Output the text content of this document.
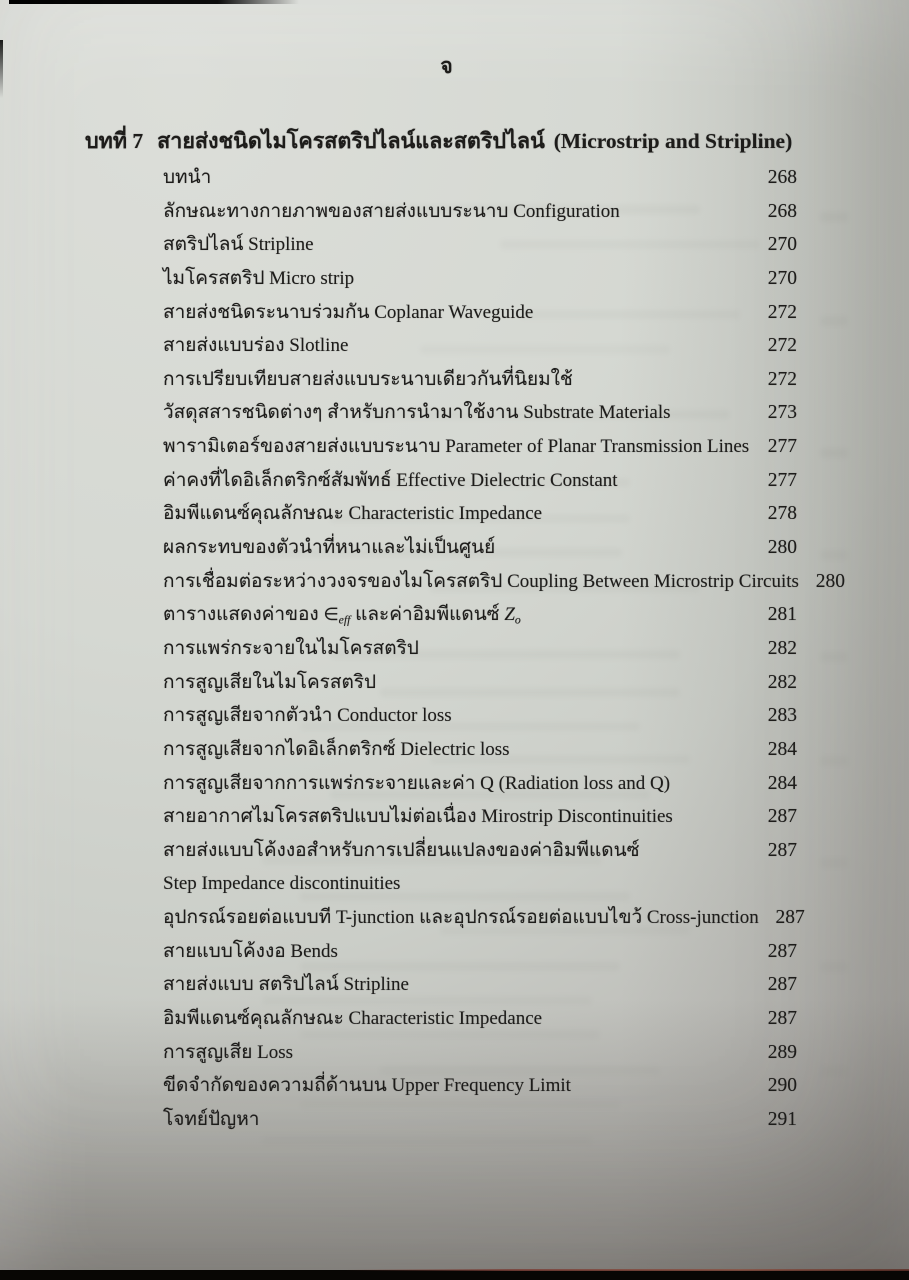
จ
บทที่ 7 สายส่งชนิดไมโครสตริปไลน์และสตริปไลน์ (Microstrip and Stripline)
บทนำ	268
ลักษณะทางกายภาพของสายส่งแบบระนาบ Configuration	268
สตริปไลน์ Stripline	270
ไมโครสตริป Micro strip	270
สายส่งชนิดระนาบร่วมกัน Coplanar Waveguide	272
สายส่งแบบร่อง Slotline	272
การเปรียบเทียบสายส่งแบบระนาบเดียวกันที่นิยมใช้	272
วัสดุสสารชนิดต่างๆ สำหรับการนำมาใช้งาน Substrate Materials	273
พารามิเตอร์ของสายส่งแบบระนาบ Parameter of Planar Transmission Lines 277
ค่าคงที่ไดอิเล็กตริกซ์สัมพัทธ์ Effective Dielectric Constant	277
อิมพีแดนซ์คุณลักษณะ Characteristic Impedance	278
ผลกระทบของตัวนำที่หนาและไม่เป็นศูนย์	280
การเชื่อมต่อระหว่างวงจรของไมโครสตริป Coupling Between Microstrip Circuits 280
ตารางแสดงค่าของ ∈eff และค่าอิมพีแดนซ์ Zo	281
การแพร่กระจายในไมโครสตริป	282
การสูญเสียในไมโครสตริป	282
การสูญเสียจากตัวนำ Conductor loss	283
การสูญเสียจากไดอิเล็กตริกซ์ Dielectric loss	284
การสูญเสียจากการแพร่กระจายและค่า Q (Radiation loss and Q)	284
สายอากาศไมโครสตริปแบบไม่ต่อเนื่อง Mirostrip Discontinuities	287
สายส่งแบบโค้งงอสำหรับการเปลี่ยนแปลงของค่าอิมพีแดนซ์	287
Step Impedance discontinuities
อุปกรณ์รอยต่อแบบที T-junction และอุปกรณ์รอยต่อแบบไขว้ Cross-junction 287
สายแบบโค้งงอ Bends	287
สายส่งแบบ สตริปไลน์ Stripline	287
อิมพีแดนซ์คุณลักษณะ Characteristic Impedance	287
การสูญเสีย Loss	289
ขีดจำกัดของความถี่ด้านบน Upper Frequency Limit	290
โจทย์ปัญหา	291
